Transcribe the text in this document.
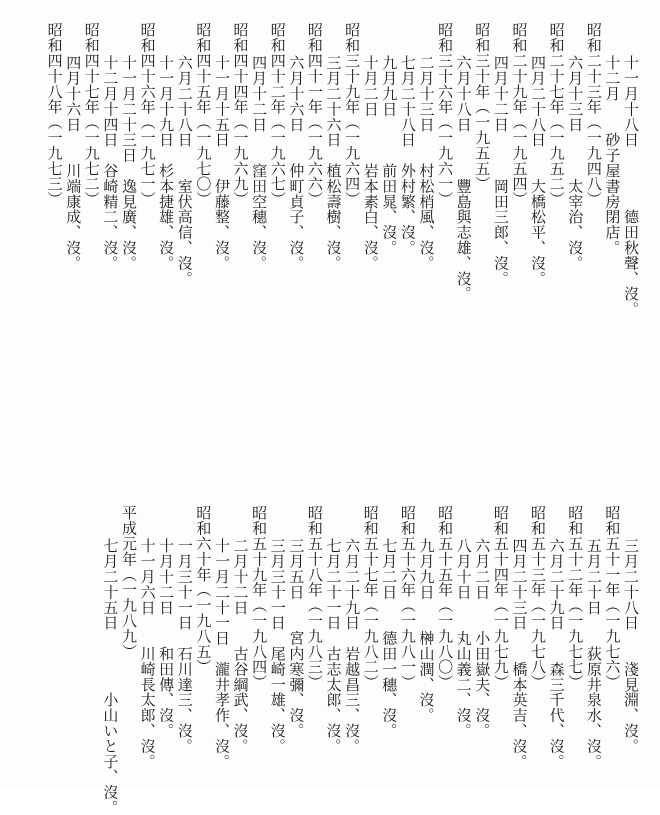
十一月十八日　　　　德田秋聲、沒。
十二月　　砂子屋書房閉店。
昭和二十三年（一九四八）
六月十三日　　　太宰治、沒。
昭和二十七年（一九五二）
四月二十八日　　大橋松平、沒。
昭和二十九年（一九五四）
四月十二日　　　岡田三郎、沒。
昭和三十年（一九五五）
六月十八日　　　豐島與志雄、沒。
昭和三十六年（一九六一）
二月十三日　　村松梢風、沒。
七月二十八日　外村繁、沒。
九月九日　　　前田晁、沒。
十月二日　　　岩本素白、沒。
昭和三十九年（一九六四）
三月二十六日　植松壽樹、沒。
昭和四十一年（一九六六）
六月十六日　　仲町貞子、沒。
昭和四十二年（一九六七）
四月十二日　　窪田空穗、沒。
昭和四十四年（一九六九）
十一月十五日　　伊藤整、沒。
昭和四十五年（一九七〇）
六月二十八日　　室伏高信、沒。
十一月十九日　杉本捷雄、沒。
昭和四十六年（一九七一）
十一月二十三日　逸見廣、沒。
十二月十四日　谷崎精二、沒。
昭和四十七年（一九七二）
四月十六日　　川端康成、沒。
昭和四十八年（一九七三）
三月二十八日　　淺見淵、沒。
昭和五十一年（一九七六）
五月二十日　　荻原井泉水、沒。
昭和五十二年（一九七七）
六月二十九日　　森三千代、沒。
昭和五十三年（一九七八）
四月二十三日　　橋本英吉、沒。
昭和五十四年（一九七九）
六月二日　　小田嶽夫、沒。
八月十日　　丸山義二、沒。
昭和五十五年（一九八〇）
九月九日　　榊山潤、沒。
昭和五十六年（一九八一）
七月二日　　德田一穗、沒。
昭和五十七年（一九八二）
六月二十九日　岩越昌三、沒。
七月二十一日　古志太郎、沒。
昭和五十八年（一九八三）
三月五日　　宮内寒彌、沒。
三月三十一日　尾崎一雄、沒。
昭和五十九年（一九八四）
二月十二日　　古谷綱武、沒。
十一月二十一日　瀧井孝作、沒。
昭和六十年（一九八五）
一月三十一日　石川達三、沒。
十月十二日　　和田傳、沒。
十一月六日　　川崎長太郎、沒。
平成元年（一九八九）
七月二十五日　　　　小山いと子、沒。
